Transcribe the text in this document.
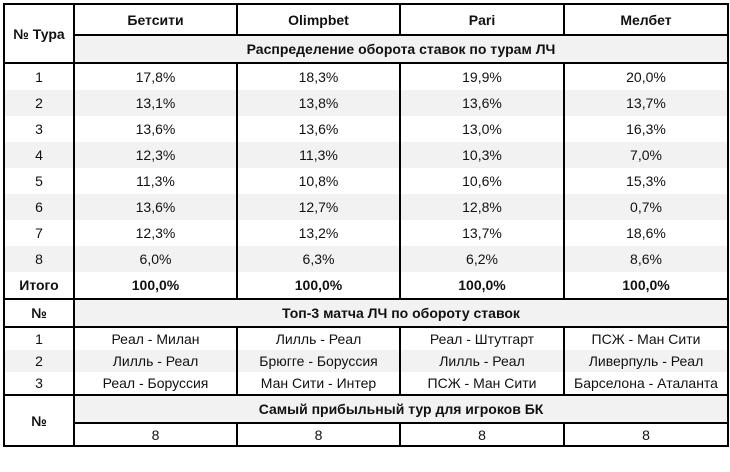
№ Тура	Бетсити	Olimpbet	Pari	Мелбет
	Распределение оборота ставок по турам ЛЧ			
1	17,8%	18,3%	19,9%	20,0%
2	13,1%	13,8%	13,6%	13,7%
3	13,6%	13,6%	13,0%	16,3%
4	12,3%	11,3%	10,3%	7,0%
5	11,3%	10,8%	10,6%	15,3%
6	13,6%	12,7%	12,8%	0,7%
7	12,3%	13,2%	13,7%	18,6%
8	6,0%	6,3%	6,2%	8,6%
Итого	100,0%	100,0%	100,0%	100,0%
№	Топ-3 матча ЛЧ по обороту ставок			
1	Реал - Милан	Лилль - Реал	Реал - Штутгарт	ПСЖ - Ман Сити
2	Лилль - Реал	Брюгге - Боруссия	Лилль - Реал	Ливерпуль - Реал
3	Реал - Боруссия	Ман Сити - Интер	ПСЖ - Ман Сити	Барселона - Аталанта
№	Самый прибыльный тур для игроков БК			
	8	8	8	8
